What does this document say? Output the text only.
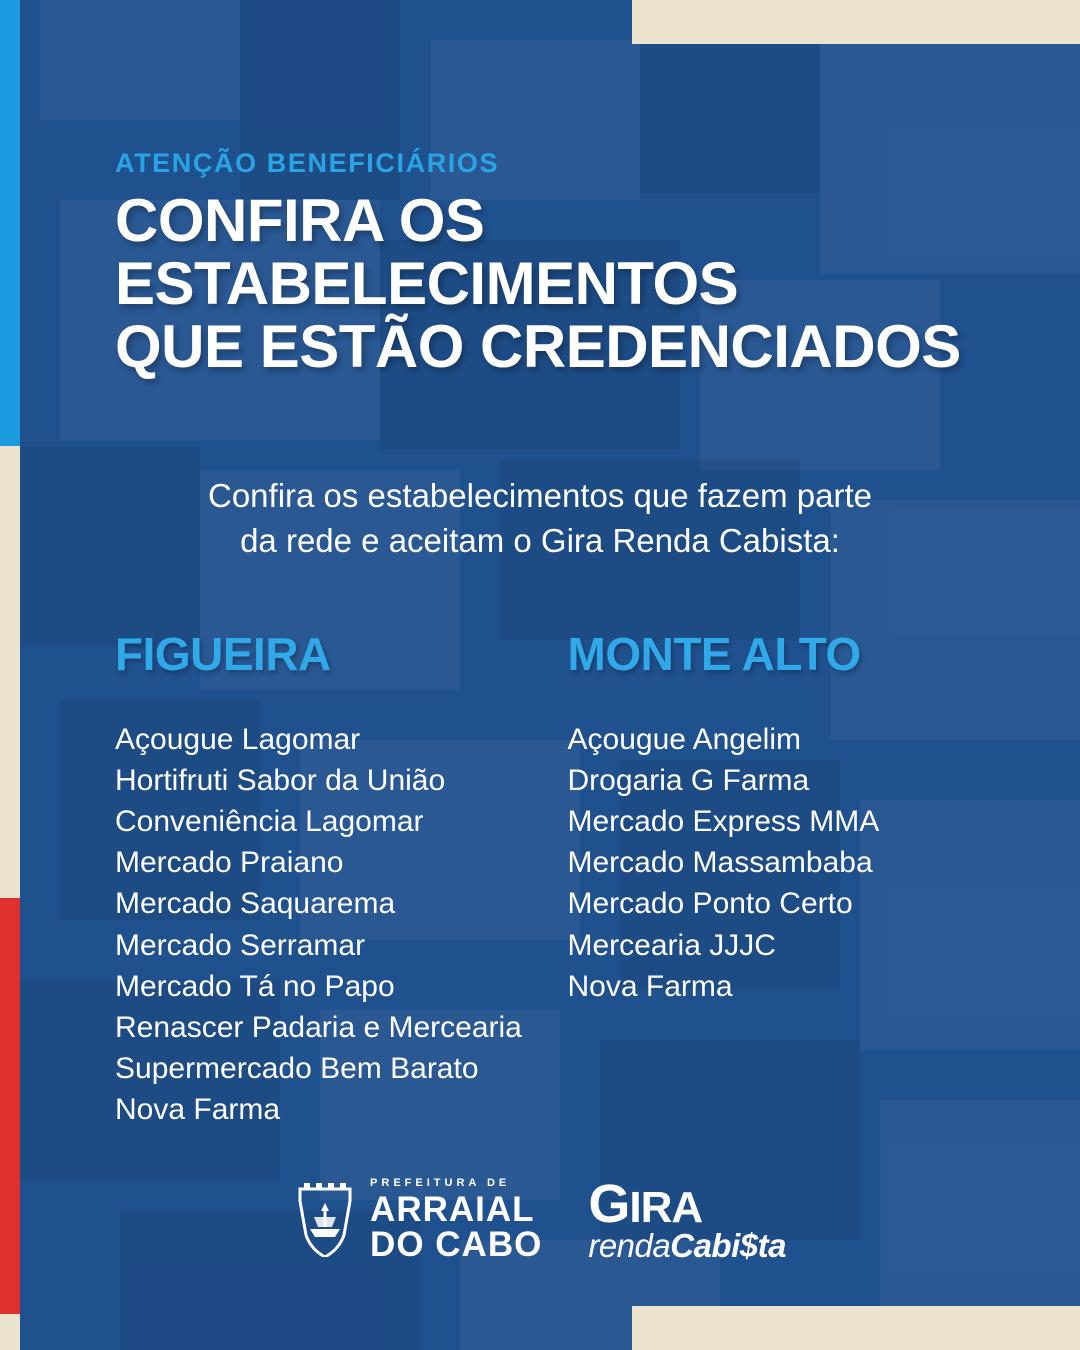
ATENÇÃO BENEFICIÁRIOS
CONFIRA OS
ESTABELECIMENTOS
QUE ESTÃO CREDENCIADOS

Confira os estabelecimentos que fazem parte
da rede e aceitam o Gira Renda Cabista:

FIGUEIRA
Açougue Lagomar
Hortifruti Sabor da União
Conveniência Lagomar
Mercado Praiano
Mercado Saquarema
Mercado Serramar
Mercado Tá no Papo
Renascer Padaria e Mercearia
Supermercado Bem Barato
Nova Farma
MONTE ALTO
Açougue Angelim
Drogaria G Farma
Mercado Express MMA
Mercado Massambaba
Mercado Ponto Certo
Mercearia JJJC
Nova Farma
PREFEITURA DE
ARRAIAL
DO CABO
GIRA
rendaCabi$ta
